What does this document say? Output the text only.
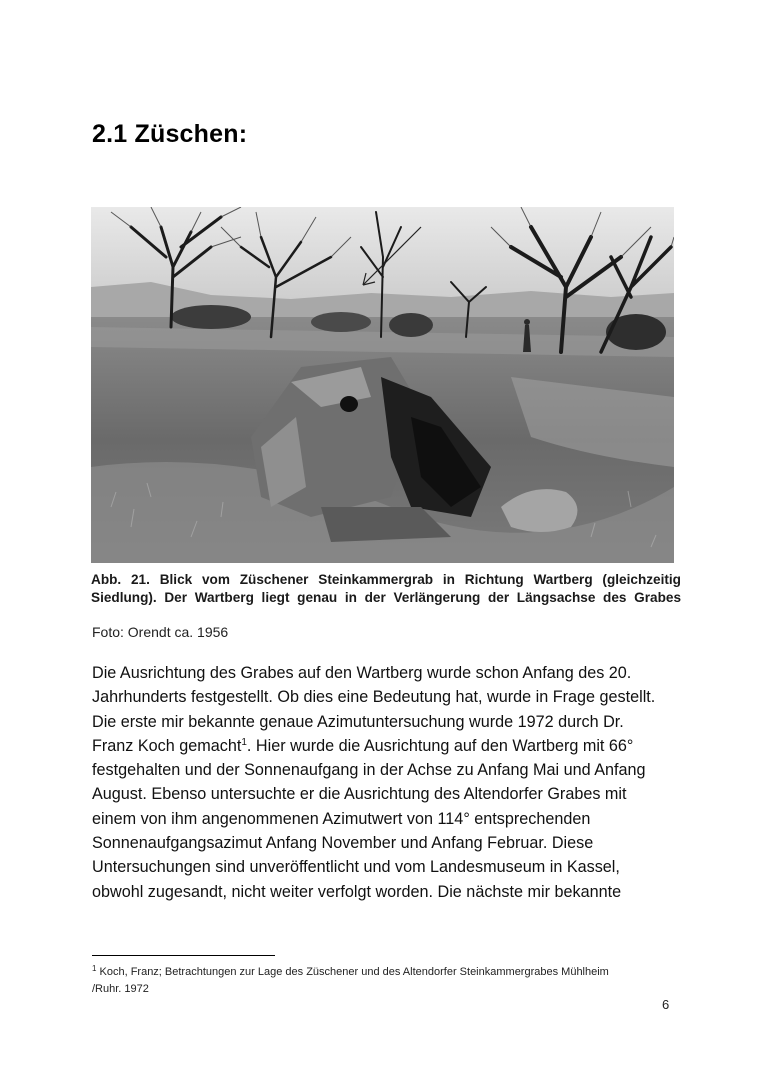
2.1 Züschen:
Abb. 21. Blick vom Züschener Steinkammergrab in Richtung Wartberg (gleichzeitig
Siedlung). Der Wartberg liegt genau in der Verlängerung der Längsachse des Grabes
Foto: Orendt ca. 1956
Die Ausrichtung des Grabes auf den Wartberg wurde schon Anfang des 20.
Jahrhunderts festgestellt. Ob dies eine Bedeutung hat, wurde in Frage gestellt.
Die erste mir bekannte genaue Azimutuntersuchung wurde 1972 durch Dr.
Franz Koch gemacht$^1$. Hier wurde die Ausrichtung auf den Wartberg mit 66°
festgehalten und der Sonnenaufgang in der Achse zu Anfang Mai und Anfang
August. Ebenso untersuchte er die Ausrichtung des Altendorfer Grabes mit
einem von ihm angenommenen Azimutwert von 114° entsprechenden
Sonnenaufgangsazimut Anfang November und Anfang Februar. Diese
Untersuchungen sind unveröffentlicht und vom Landesmuseum in Kassel,
obwohl zugesandt, nicht weiter verfolgt worden. Die nächste mir bekannte
$^1$ Koch, Franz; Betrachtungen zur Lage des Züschener und des Altendorfer Steinkammergrabes Mühlheim
/Ruhr. 1972
6
